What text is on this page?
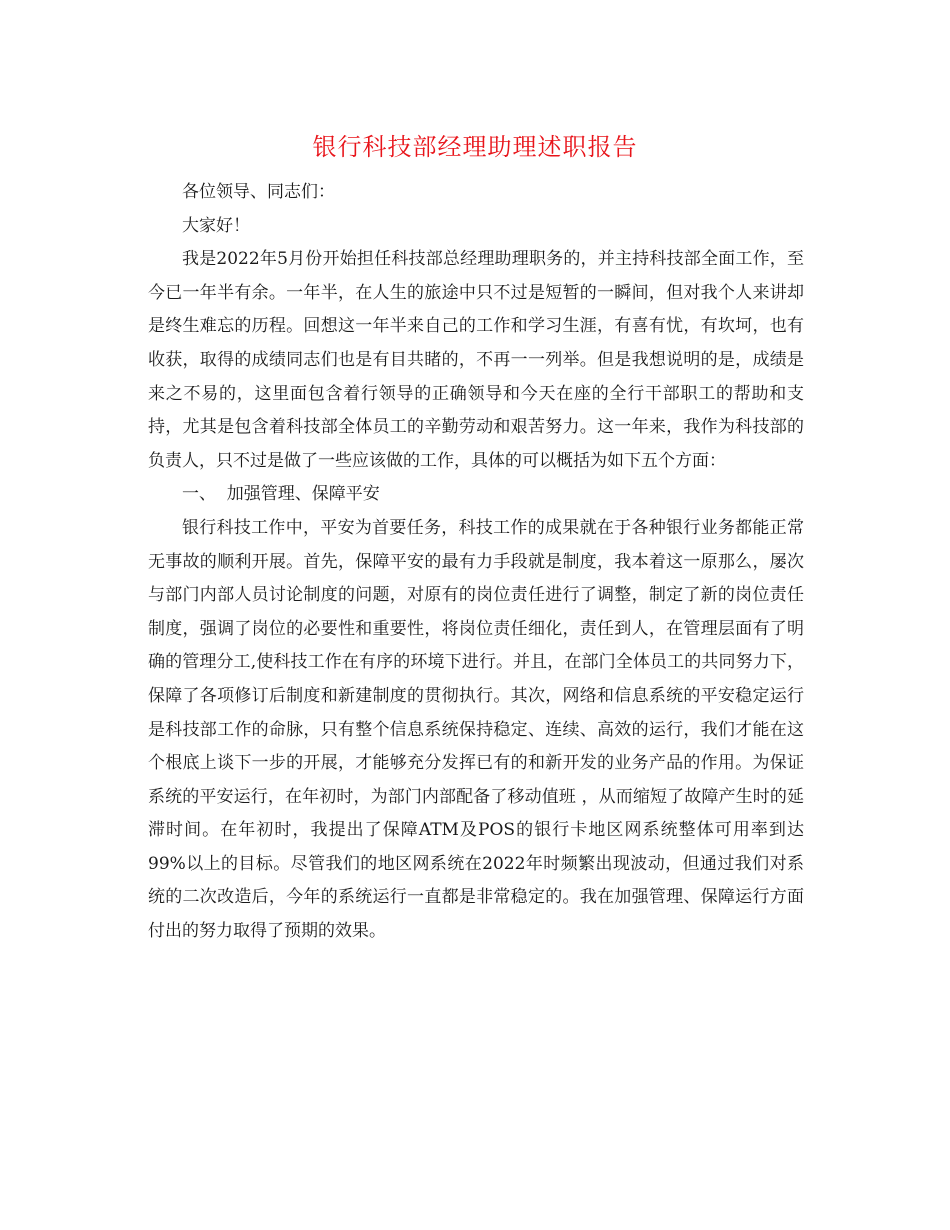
银行科技部经理助理述职报告

各位领导、同志们：

大家好！

我是2022年5月份开始担任科技部总经理助理职务的，并主持科技部全面工作，至今已一年半有余。一年半，在人生的旅途中只不过是短暂的一瞬间，但对我个人来讲却是终生难忘的历程。回想这一年半来自己的工作和学习生涯，有喜有忧，有坎坷，也有收获，取得的成绩同志们也是有目共睹的，不再一一列举。但是我想说明的是，成绩是来之不易的，这里面包含着行领导的正确领导和今天在座的全行干部职工的帮助和支持，尤其是包含着科技部全体员工的辛勤劳动和艰苦努力。这一年来，我作为科技部的负责人，只不过是做了一些应该做的工作，具体的可以概括为如下五个方面：

一、  加强管理、保障平安

银行科技工作中，平安为首要任务，科技工作的成果就在于各种银行业务都能正常无事故的顺利开展。首先，保障平安的最有力手段就是制度，我本着这一原那么，屡次与部门内部人员讨论制度的问题，对原有的岗位责任进行了调整，制定了新的岗位责任制度，强调了岗位的必要性和重要性，将岗位责任细化，责任到人，在管理层面有了明确的管理分工,使科技工作在有序的环境下进行。并且，在部门全体员工的共同努力下，保障了各项修订后制度和新建制度的贯彻执行。其次，网络和信息系统的平安稳定运行是科技部工作的命脉，只有整个信息系统保持稳定、连续、高效的运行，我们才能在这个根底上谈下一步的开展，才能够充分发挥已有的和新开发的业务产品的作用。为保证系统的平安运行，在年初时，为部门内部配备了移动值班 ，从而缩短了故障产生时的延滞时间。在年初时，我提出了保障ATM及POS的银行卡地区网系统整体可用率到达99%以上的目标。尽管我们的地区网系统在2022年时频繁出现波动，但通过我们对系统的二次改造后，今年的系统运行一直都是非常稳定的。我在加强管理、保障运行方面付出的努力取得了预期的效果。
